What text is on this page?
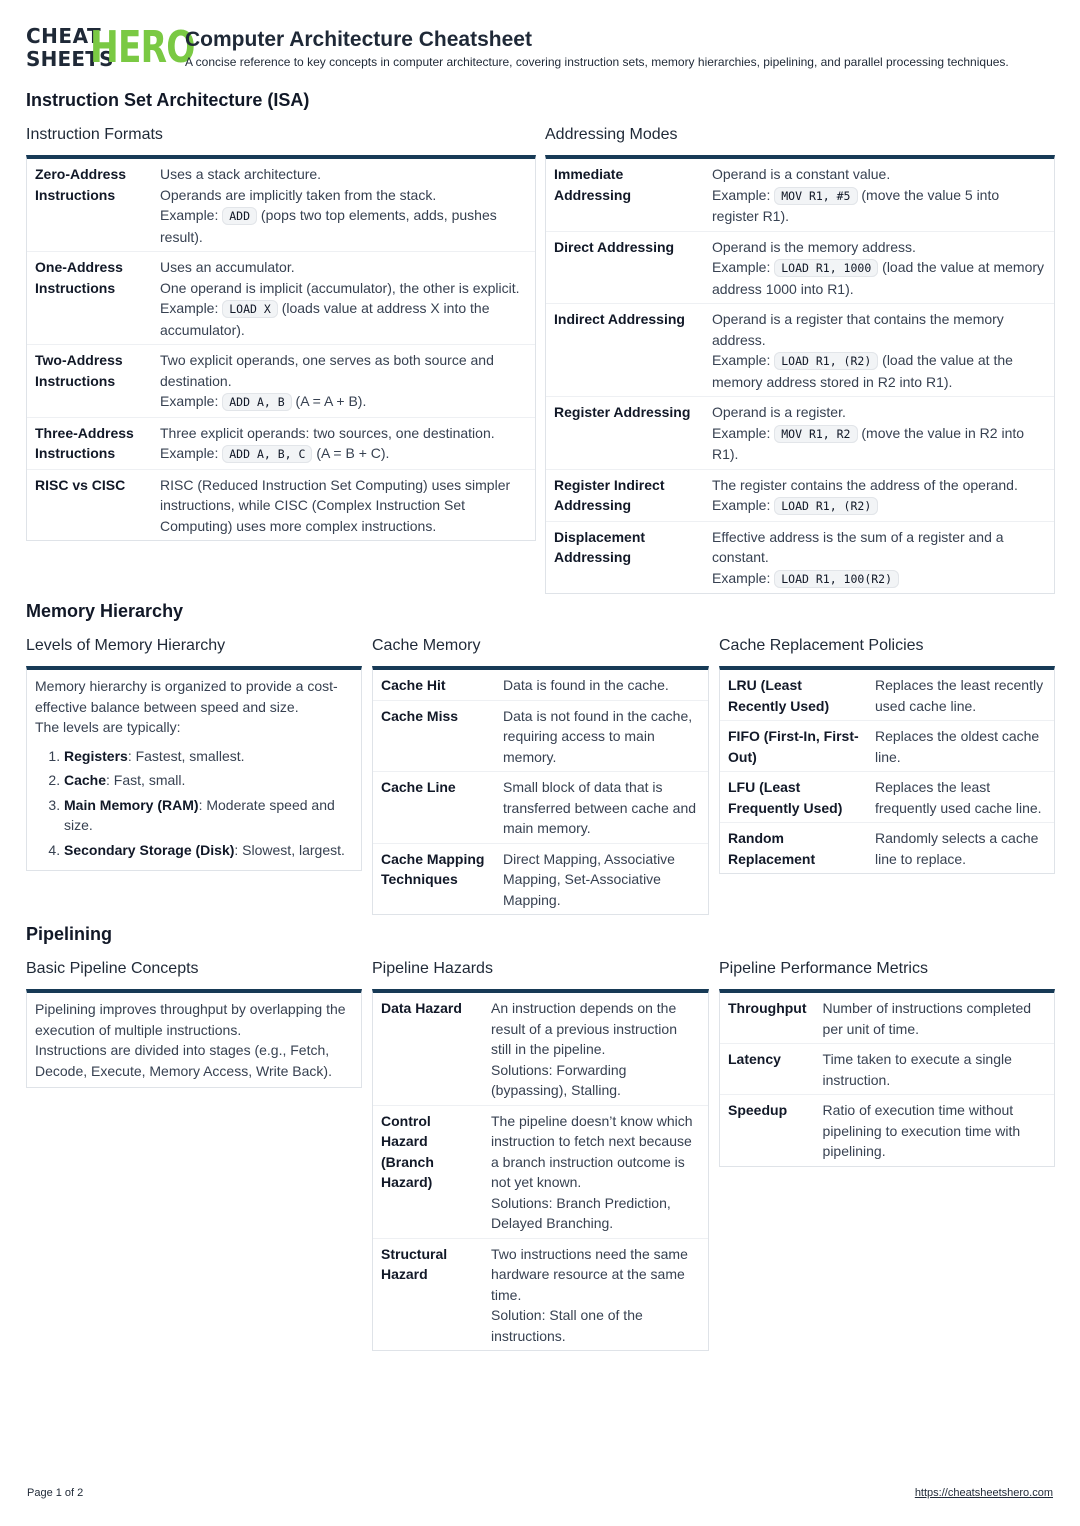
CHEAT
SHEETS
HERO
Computer Architecture Cheatsheet
A concise reference to key concepts in computer architecture, covering instruction sets, memory hierarchies, pipelining, and parallel processing techniques.
Instruction Set Architecture (ISA)
Instruction Formats
Zero-Address Instructions	Uses a stack architecture.
Operands are implicitly taken from the stack.
Example: ADD (pops two top elements, adds, pushes result).
One-Address Instructions	Uses an accumulator.
One operand is implicit (accumulator), the other is explicit.
Example: LOAD X (loads value at address X into the accumulator).
Two-Address Instructions	Two explicit operands, one serves as both source and destination.
Example: ADD A, B (A = A + B).
Three-Address Instructions	Three explicit operands: two sources, one destination.
Example: ADD A, B, C (A = B + C).
RISC vs CISC	RISC (Reduced Instruction Set Computing) uses simpler instructions, while CISC (Complex Instruction Set Computing) uses more complex instructions.
Addressing Modes
Immediate Addressing	Operand is a constant value.
Example: MOV R1, #5 (move the value 5 into register R1).
Direct Addressing	Operand is the memory address.
Example: LOAD R1, 1000 (load the value at memory address 1000 into R1).
Indirect Addressing	Operand is a register that contains the memory address.
Example: LOAD R1, (R2) (load the value at the memory address stored in R2 into R1).
Register Addressing	Operand is a register.
Example: MOV R1, R2 (move the value in R2 into R1).
Register Indirect Addressing	The register contains the address of the operand.
Example: LOAD R1, (R2)
Displacement Addressing	Effective address is the sum of a register and a constant.
Example: LOAD R1, 100(R2)
Memory Hierarchy
Levels of Memory Hierarchy
Memory hierarchy is organized to provide a cost-effective balance between speed and size.
The levels are typically:
1. Registers: Fastest, smallest.
2. Cache: Fast, small.
3. Main Memory (RAM): Moderate speed and size.
4. Secondary Storage (Disk): Slowest, largest.
Cache Memory
Cache Hit	Data is found in the cache.
Cache Miss	Data is not found in the cache, requiring access to main memory.
Cache Line	Small block of data that is transferred between cache and main memory.
Cache Mapping Techniques	Direct Mapping, Associative Mapping, Set-Associative Mapping.
Cache Replacement Policies
LRU (Least Recently Used)	Replaces the least recently used cache line.
FIFO (First-In, First-Out)	Replaces the oldest cache line.
LFU (Least Frequently Used)	Replaces the least frequently used cache line.
Random Replacement	Randomly selects a cache line to replace.
Pipelining
Basic Pipeline Concepts
Pipelining improves throughput by overlapping the execution of multiple instructions.
Instructions are divided into stages (e.g., Fetch, Decode, Execute, Memory Access, Write Back).
Pipeline Hazards
Data Hazard	An instruction depends on the result of a previous instruction still in the pipeline.
Solutions: Forwarding (bypassing), Stalling.
Control Hazard (Branch Hazard)	The pipeline doesn’t know which instruction to fetch next because a branch instruction outcome is not yet known.
Solutions: Branch Prediction, Delayed Branching.
Structural Hazard	Two instructions need the same hardware resource at the same time.
Solution: Stall one of the instructions.
Pipeline Performance Metrics
Throughput	Number of instructions completed per unit of time.
Latency	Time taken to execute a single instruction.
Speedup	Ratio of execution time without pipelining to execution time with pipelining.
Page 1 of 2	https://cheatsheetshero.com
